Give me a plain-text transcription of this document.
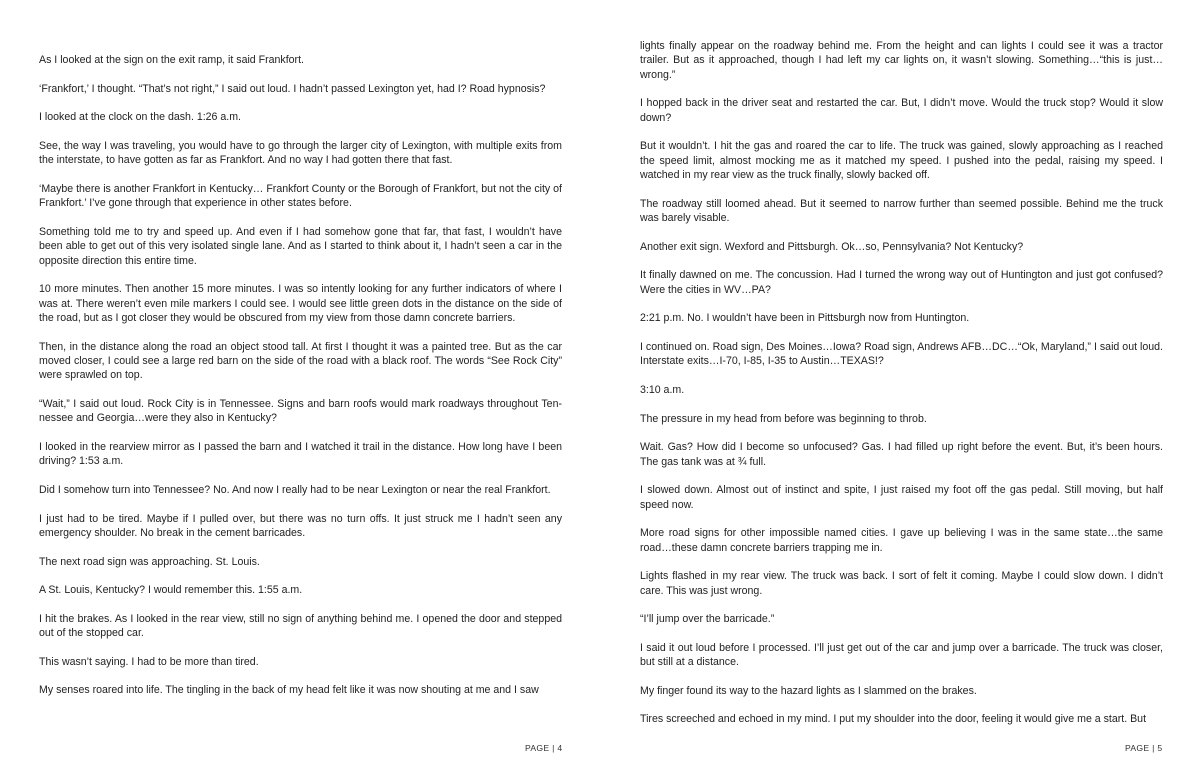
As I looked at the sign on the exit ramp, it said Frankfort.

‘Frankfort,’ I thought. “That’s not right,” I said out loud. I hadn’t passed Lexington yet, had I? Road hypnosis?

I looked at the clock on the dash. 1:26 a.m.

See, the way I was traveling, you would have to go through the larger city of Lexington, with multiple exits from the interstate, to have gotten as far as Frankfort. And no way I had gotten there that fast.

‘Maybe there is another Frankfort in Kentucky… Frankfort County or the Borough of Frankfort, but not the city of Frankfort.’ I’ve gone through that experience in other states before.

Something told me to try and speed up. And even if I had somehow gone that far, that fast, I wouldn’t have been able to get out of this very isolated single lane. And as I started to think about it, I hadn’t seen a car in the opposite direction this entire time.

10 more minutes. Then another 15 more minutes. I was so intently looking for any further indicators of where I was at. There weren’t even mile markers I could see. I would see little green dots in the distance on the side of the road, but as I got closer they would be obscured from my view from those damn concrete barriers.

Then, in the distance along the road an object stood tall. At first I thought it was a painted tree. But as the car moved closer, I could see a large red barn on the side of the road with a black roof. The words “See Rock City” were sprawled on top.

“Wait,” I said out loud. Rock City is in Tennessee. Signs and barn roofs would mark roadways throughout Tennessee and Georgia…were they also in Kentucky?

I looked in the rearview mirror as I passed the barn and I watched it trail in the distance. How long have I been driving? 1:53 a.m.

Did I somehow turn into Tennessee? No. And now I really had to be near Lexington or near the real Frankfort.

I just had to be tired. Maybe if I pulled over, but there was no turn offs. It just struck me I hadn’t seen any emergency shoulder. No break in the cement barricades.

The next road sign was approaching. St. Louis.

A St. Louis, Kentucky? I would remember this. 1:55 a.m.

I hit the brakes. As I looked in the rear view, still no sign of anything behind me. I opened the door and stepped out of the stopped car.

This wasn’t saying. I had to be more than tired.

My senses roared into life. The tingling in the back of my head felt like it was now shouting at me and I saw

PAGE | 4

lights finally appear on the roadway behind me. From the height and can lights I could see it was a tractor trailer. But as it approached, though I had left my car lights on, it wasn’t slowing. Something…“this is just… wrong.”

I hopped back in the driver seat and restarted the car. But, I didn’t move. Would the truck stop? Would it slow down?

But it wouldn’t. I hit the gas and roared the car to life. The truck was gained, slowly approaching as I reached the speed limit, almost mocking me as it matched my speed. I pushed into the pedal, raising my speed. I watched in my rear view as the truck finally, slowly backed off.

The roadway still loomed ahead. But it seemed to narrow further than seemed possible. Behind me the truck was barely visable.

Another exit sign. Wexford and Pittsburgh. Ok…so, Pennsylvania? Not Kentucky?

It finally dawned on me. The concussion. Had I turned the wrong way out of Huntington and just got confused? Were the cities in WV…PA?

2:21 p.m. No. I wouldn’t have been in Pittsburgh now from Huntington.

I continued on. Road sign, Des Moines…Iowa? Road sign, Andrews AFB…DC…“Ok, Maryland,” I said out loud. Interstate exits…I-70, I-85, I-35 to Austin…TEXAS!?

3:10 a.m.

The pressure in my head from before was beginning to throb.

Wait. Gas? How did I become so unfocused? Gas. I had filled up right before the event. But, it’s been hours. The gas tank was at ¾ full.

I slowed down. Almost out of instinct and spite, I just raised my foot off the gas pedal. Still moving, but half speed now.

More road signs for other impossible named cities. I gave up believing I was in the same state…the same road…these damn concrete barriers trapping me in.

Lights flashed in my rear view. The truck was back. I sort of felt it coming. Maybe I could slow down. I didn’t care. This was just wrong.

“I’ll jump over the barricade.”

I said it out loud before I processed. I’ll just get out of the car and jump over a barricade. The truck was closer, but still at a distance.

My finger found its way to the hazard lights as I slammed on the brakes.

Tires screeched and echoed in my mind. I put my shoulder into the door, feeling it would give me a start. But

PAGE | 5
